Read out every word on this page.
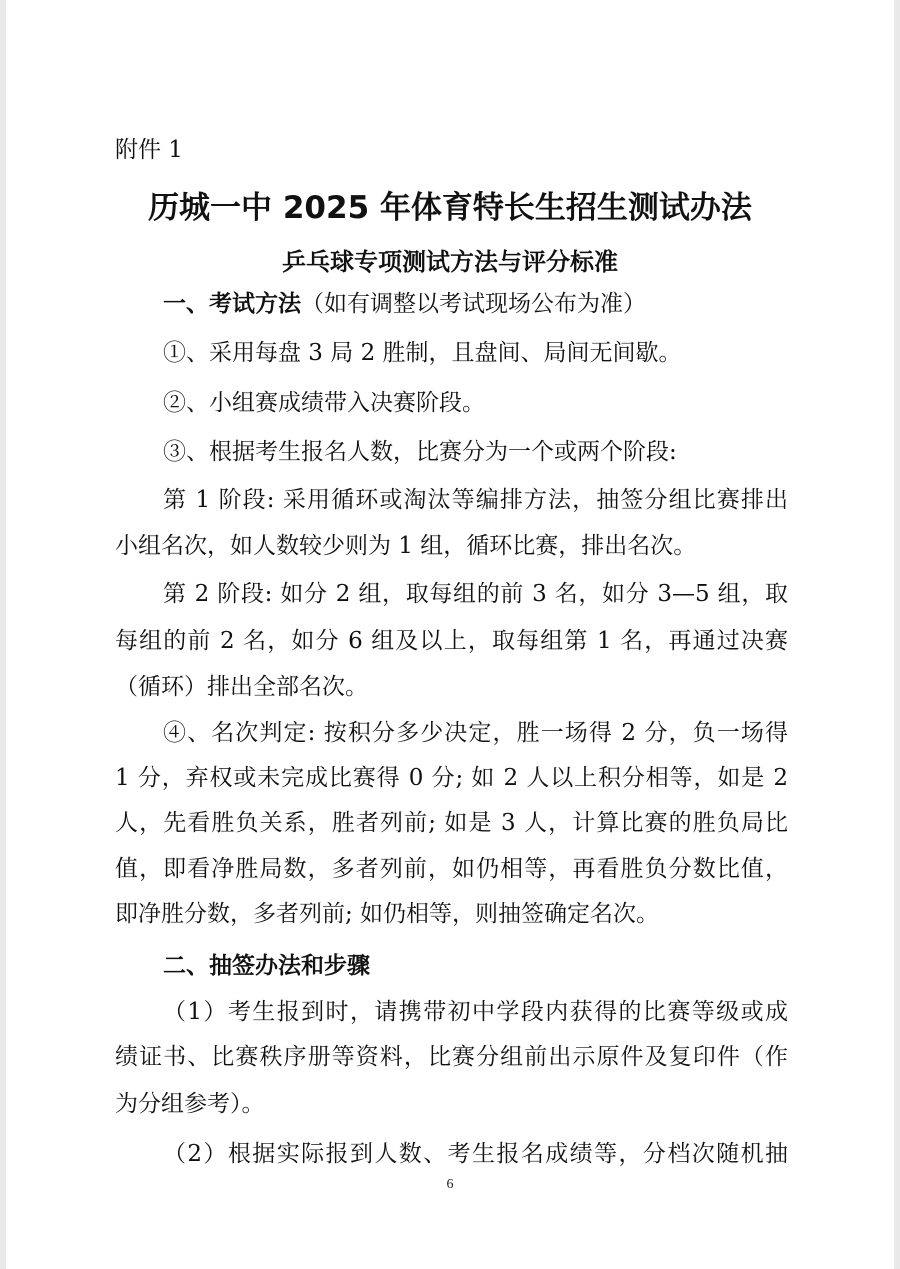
附件 1
历城一中 2025 年体育特长生招生测试办法
乒乓球专项测试方法与评分标准
一、考试方法（如有调整以考试现场公布为准）
①、采用每盘 3 局 2 胜制，且盘间、局间无间歇。
②、小组赛成绩带入决赛阶段。
③、根据考生报名人数，比赛分为一个或两个阶段:
第 1 阶段: 采用循环或淘汰等编排方法，抽签分组比赛排出
小组名次，如人数较少则为 1 组，循环比赛，排出名次。
第 2 阶段: 如分 2 组，取每组的前 3 名，如分 3—5 组，取
每组的前 2 名，如分 6 组及以上，取每组第 1 名，再通过决赛
（循环）排出全部名次。
④、名次判定: 按积分多少决定，胜一场得 2 分，负一场得
1 分，弃权或未完成比赛得 0 分; 如 2 人以上积分相等，如是 2
人，先看胜负关系，胜者列前; 如是 3 人，计算比赛的胜负局比
值，即看净胜局数，多者列前，如仍相等，再看胜负分数比值，
即净胜分数，多者列前; 如仍相等，则抽签确定名次。
二、抽签办法和步骤
（1）考生报到时，请携带初中学段内获得的比赛等级或成
绩证书、比赛秩序册等资料，比赛分组前出示原件及复印件（作
为分组参考）。
（2）根据实际报到人数、考生报名成绩等，分档次随机抽
6
